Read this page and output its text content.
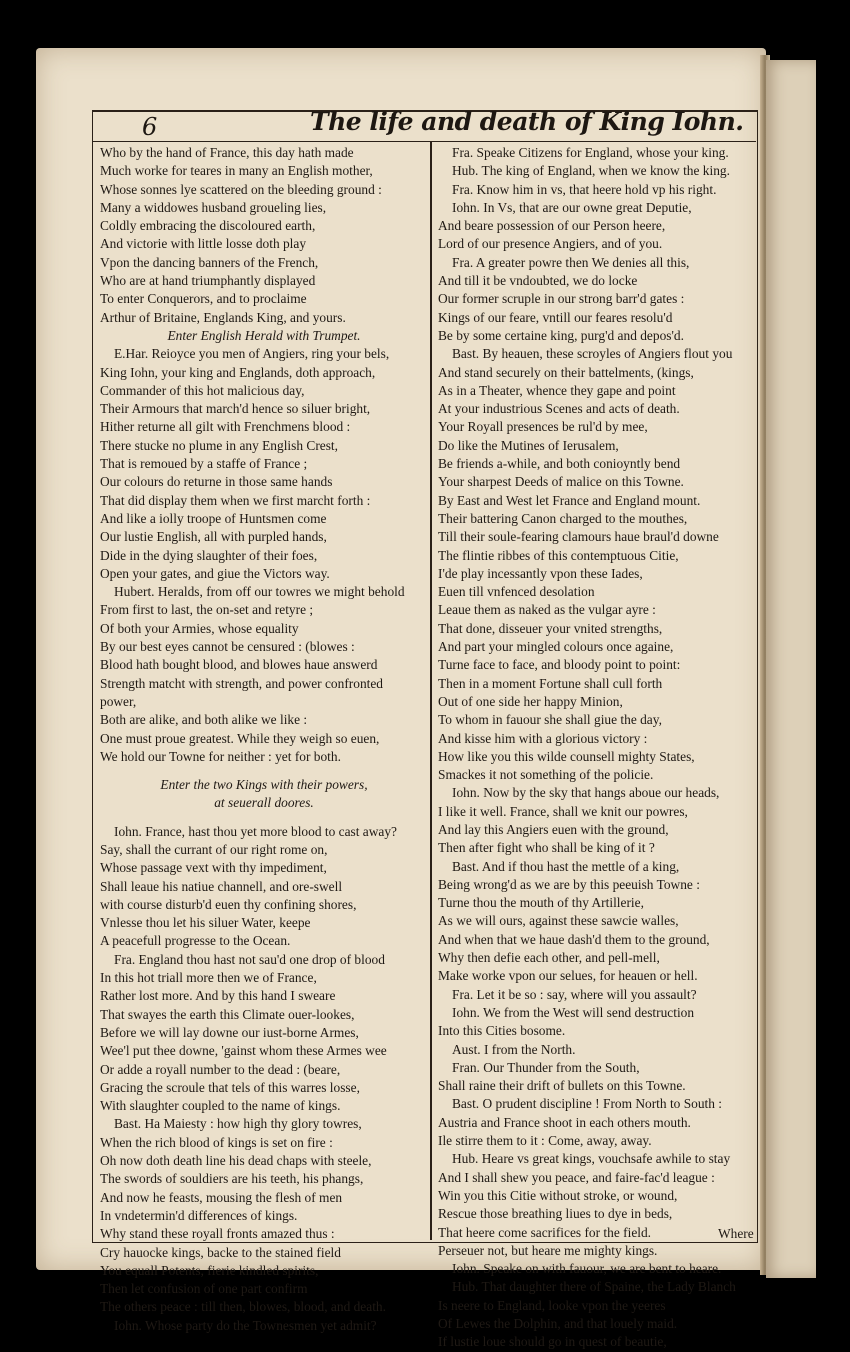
6	The life and death of King Iohn.
Who by the hand of France, this day hath made
Much worke for teares in many an English mother,
Whose sonnes lye scattered on the bleeding ground :
Many a widdowes husband groueling lies,
Coldly embracing the discoloured earth,
And victorie with little losse doth play
Vpon the dancing banners of the French,
Who are at hand triumphantly displayed
To enter Conquerors, and to proclaime
Arthur of Britaine, Englands King, and yours.
Enter English Herald with Trumpet.
E.Har. Reioyce you men of Angiers, ring your bels,
King Iohn, your king and Englands, doth approach,
Commander of this hot malicious day,
Their Armours that march'd hence so siluer bright,
Hither returne all gilt with Frenchmens blood :
There stucke no plume in any English Crest,
That is remoued by a staffe of France ;
Our colours do returne in those same hands
That did display them when we first marcht forth :
And like a iolly troope of Huntsmen come
Our lustie English, all with purpled hands,
Dide in the dying slaughter of their foes,
Open your gates, and giue the Victors way.
Hubert. Heralds, from off our towres we might behold
From first to last, the on-set and retyre ;
Of both your Armies, whose equality
By our best eyes cannot be censured : (blowes :
Blood hath bought blood, and blowes haue answerd
Strength matcht with strength, and power confronted
power,
Both are alike, and both alike we like :
One must proue greatest. While they weigh so euen,
We hold our Towne for neither : yet for both.
Enter the two Kings with their powers,
at seuerall doores.
Iohn. France, hast thou yet more blood to cast away?
Say, shall the currant of our right rome on,
Whose passage vext with thy impediment,
Shall leaue his natiue channell, and ore-swell
with course disturb'd euen thy confining shores,
Vnlesse thou let his siluer Water, keepe
A peacefull progresse to the Ocean.
Fra. England thou hast not sau'd one drop of blood
In this hot triall more then we of France,
Rather lost more. And by this hand I sweare
That swayes the earth this Climate ouer-lookes,
Before we will lay downe our iust-borne Armes,
Wee'l put thee downe, 'gainst whom these Armes wee
Or adde a royall number to the dead : (beare,
Gracing the scroule that tels of this warres losse,
With slaughter coupled to the name of kings.
Bast. Ha Maiesty : how high thy glory towres,
When the rich blood of kings is set on fire :
Oh now doth death line his dead chaps with steele,
The swords of souldiers are his teeth, his phangs,
And now he feasts, mousing the flesh of men
In vndetermin'd differences of kings.
Why stand these royall fronts amazed thus :
Cry hauocke kings, backe to the stained field
You equall Potents, fierie kindled spirits,
Then let confusion of one part confirm
The others peace : till then, blowes, blood, and death.
Iohn. Whose party do the Townesmen yet admit?
Fra. Speake Citizens for England, whose your king.
Hub. The king of England, when we know the king.
Fra. Know him in vs, that heere hold vp his right.
Iohn. In Vs, that are our owne great Deputie,
And beare possession of our Person heere,
Lord of our presence Angiers, and of you.
Fra. A greater powre then We denies all this,
And till it be vndoubted, we do locke
Our former scruple in our strong barr'd gates :
Kings of our feare, vntill our feares resolu'd
Be by some certaine king, purg'd and depos'd.
Bast. By heauen, these scroyles of Angiers flout you
And stand securely on their battelments, (kings,
As in a Theater, whence they gape and point
At your industrious Scenes and acts of death.
Your Royall presences be rul'd by mee,
Do like the Mutines of Ierusalem,
Be friends a-while, and both conioyntly bend
Your sharpest Deeds of malice on this Towne.
By East and West let France and England mount.
Their battering Canon charged to the mouthes,
Till their soule-fearing clamours haue braul'd downe
The flintie ribbes of this contemptuous Citie,
I'de play incessantly vpon these Iades,
Euen till vnfenced desolation
Leaue them as naked as the vulgar ayre :
That done, disseuer your vnited strengths,
And part your mingled colours once againe,
Turne face to face, and bloody point to point:
Then in a moment Fortune shall cull forth
Out of one side her happy Minion,
To whom in fauour she shall giue the day,
And kisse him with a glorious victory :
How like you this wilde counsell mighty States,
Smackes it not something of the policie.
Iohn. Now by the sky that hangs aboue our heads,
I like it well. France, shall we knit our powres,
And lay this Angiers euen with the ground,
Then after fight who shall be king of it ?
Bast. And if thou hast the mettle of a king,
Being wrong'd as we are by this peeuish Towne :
Turne thou the mouth of thy Artillerie,
As we will ours, against these sawcie walles,
And when that we haue dash'd them to the ground,
Why then defie each other, and pell-mell,
Make worke vpon our selues, for heauen or hell.
Fra. Let it be so : say, where will you assault?
Iohn. We from the West will send destruction
Into this Cities bosome.
Aust. I from the North.
Fran. Our Thunder from the South,
Shall raine their drift of bullets on this Towne.
Bast. O prudent discipline ! From North to South :
Austria and France shoot in each others mouth.
Ile stirre them to it : Come, away, away.
Hub. Heare vs great kings, vouchsafe awhile to stay
And I shall shew you peace, and faire-fac'd league :
Win you this Citie without stroke, or wound,
Rescue those breathing liues to dye in beds,
That heere come sacrifices for the field.
Perseuer not, but heare me mighty kings.
Iohn. Speake on with fauour, we are bent to heare.
Hub. That daughter there of Spaine, the Lady Blanch
Is neere to England, looke vpon the yeeres
Of Lewes the Dolphin, and that louely maid.
If lustie loue should go in quest of beautie,
Where
